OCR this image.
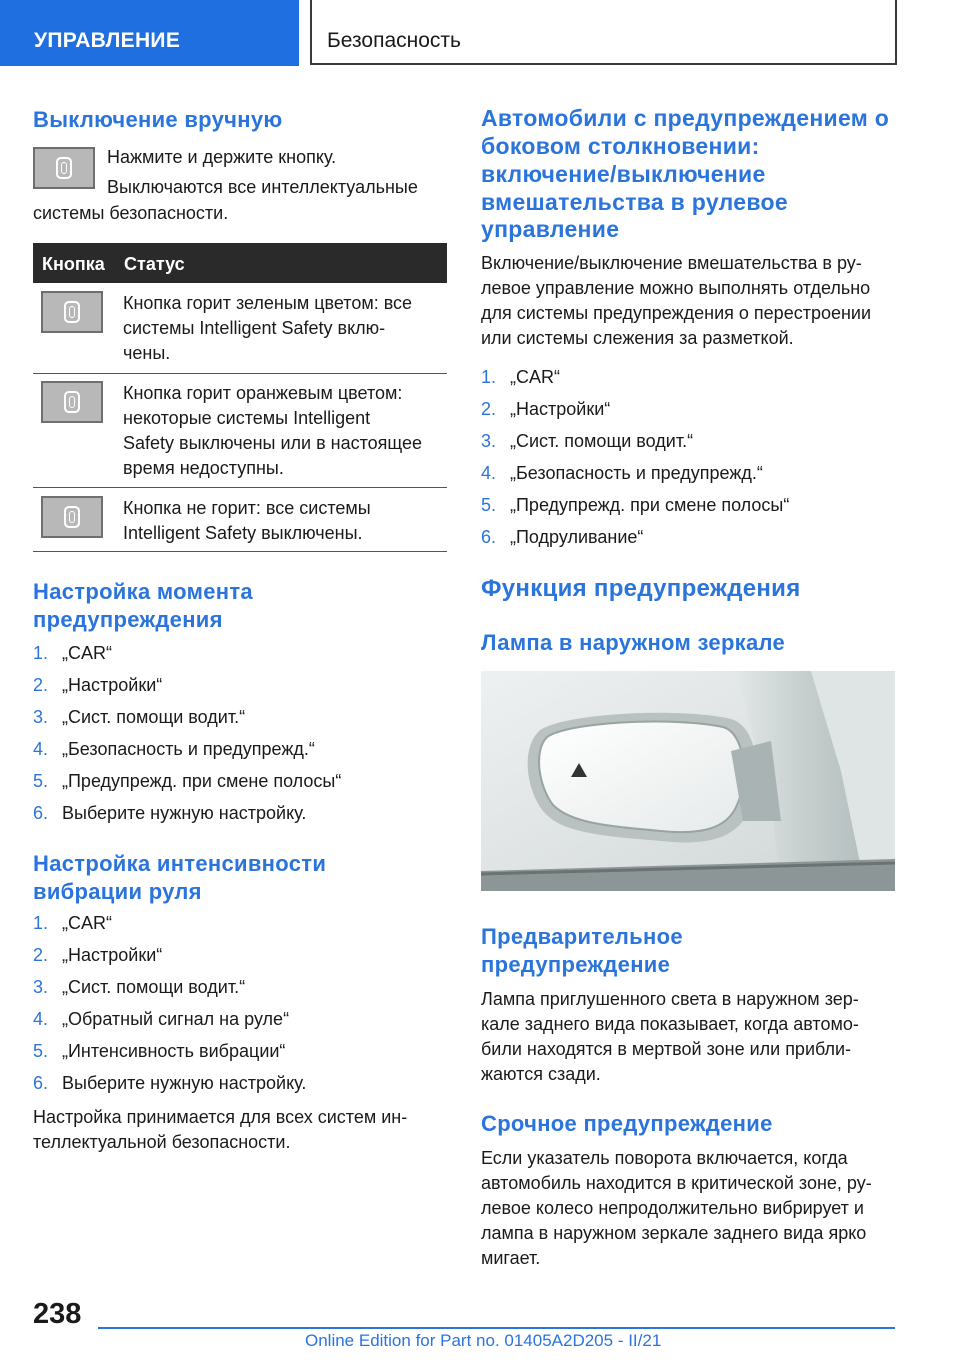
УПРАВЛЕНИЕ	Безопасность
Выключение вручную

Нажмите и держите кнопку.

Выключаются все интеллектуальные

системы безопасности.

Кнопка Статус

Кнопка горит зеленым цветом: все

системы Intelligent Safety вклю-

чены.

Кнопка горит оранжевым цветом:

некоторые системы Intelligent

Safety выключены или в настоящее

время недоступны.

Кнопка не горит: все системы

Intelligent Safety выключены.

Настройка момента
предупреждения
1. „CAR“
2. „Настройки“
3. „Сист. помощи водит.“
4. „Безопасность и предупрежд.“
5. „Предупрежд. при смене полосы“
6. Выберите нужную настройку.
Настройка интенсивности
вибрации руля
1. „CAR“
2. „Настройки“
3. „Сист. помощи водит.“
4. „Обратный сигнал на руле“
5. „Интенсивность вибрации“
6. Выберите нужную настройку.

Настройка принимается для всех систем ин-

теллектуальной безопасности.

Автомобили с предупреждением о
боковом столкновении:
включение/выключение
вмешательства в рулевое
управление

Включение/выключение вмешательства в ру-

левое управление можно выполнять отдельно

для системы предупреждения о перестроении

или системы слежения за разметкой.

1. „CAR“
2. „Настройки“
3. „Сист. помощи водит.“
4. „Безопасность и предупрежд.“
5. „Предупрежд. при смене полосы“
6. „Подруливание“
Функция предупреждения
Лампа в наружном зеркале
Предварительное
предупреждение

Лампа приглушенного света в наружном зер-

кале заднего вида показывает, когда автомо-

били находятся в мертвой зоне или прибли-

жаются сзади.

Срочное предупреждение

Если указатель поворота включается, когда

автомобиль находится в критической зоне, ру-

левое колесо непродолжительно вибрирует и

лампа в наружном зеркале заднего вида ярко

мигает.

238
Online Edition for Part no. 01405A2D205 - II/21
